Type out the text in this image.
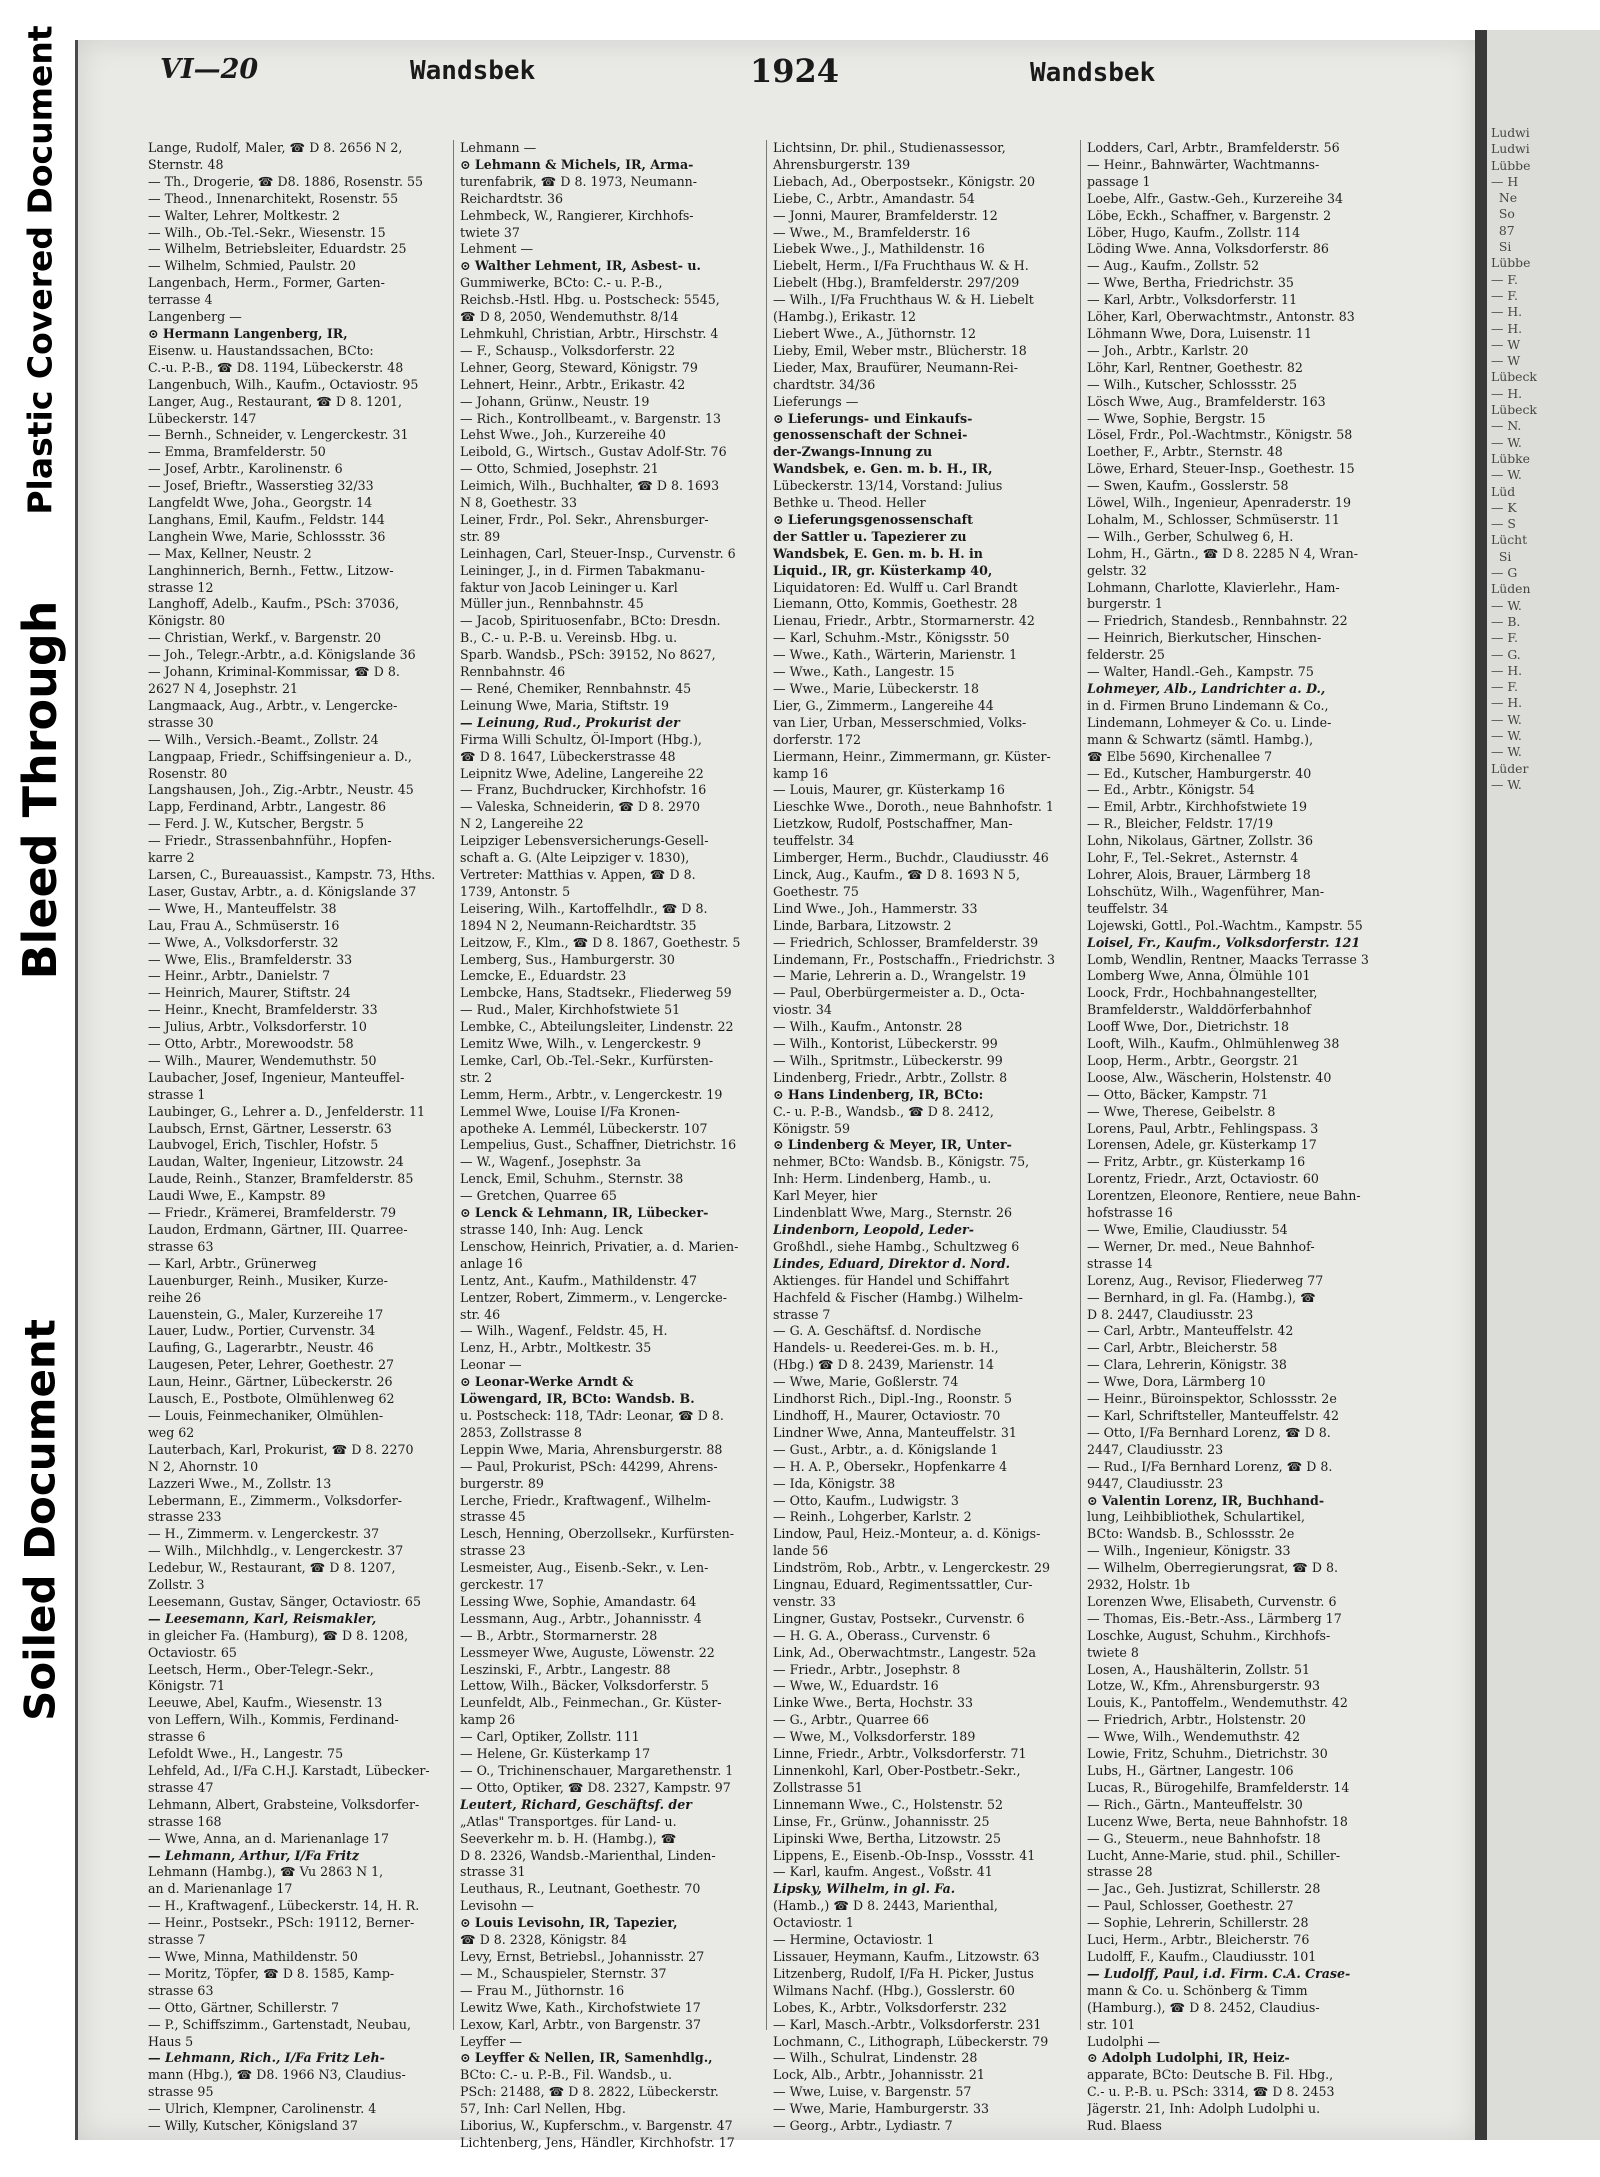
Plastic Covered Document
Bleed Through
Soiled Document
Ludwi
Ludwi
Lübbe
— H
Ne
So
87
Si
Lübbe
— F.
— F.
— H.
— H.
— W
— W
Lübeck
— H.
Lübeck
— N.
— W.
Lübke
— W.
Lüd
— K
— S
Lücht
Si
— G
Lüden
— W.
— B.
— F.
— G.
— H.
— F.
— H.
— W.
— W.
— W.
Lüder
— W.
VI—20	Wandsbek	1924	Wandsbek
Lange, Rudolf, Maler, ☎ D 8. 2656 N 2,
Sternstr. 48
— Th., Drogerie, ☎ D8. 1886, Rosenstr. 55
— Theod., Innenarchitekt, Rosenstr. 55
— Walter, Lehrer, Moltkestr. 2
— Wilh., Ob.-Tel.-Sekr., Wiesenstr. 15
— Wilhelm, Betriebsleiter, Eduardstr. 25
— Wilhelm, Schmied, Paulstr. 20
Langenbach, Herm., Former, Garten-
terrasse 4
Langenberg —
⊙ Hermann Langenberg, IR,
Eisenw. u. Haustandssachen, BCto:
C.-u. P.-B., ☎ D8. 1194, Lübeckerstr. 48
Langenbuch, Wilh., Kaufm., Octaviostr. 95
Langer, Aug., Restaurant, ☎ D 8. 1201,
Lübeckerstr. 147
— Bernh., Schneider, v. Lengerckestr. 31
— Emma, Bramfelderstr. 50
— Josef, Arbtr., Karolinenstr. 6
— Josef, Brieftr., Wasserstieg 32/33
Langfeldt Wwe, Joha., Georgstr. 14
Langhans, Emil, Kaufm., Feldstr. 144
Langhein Wwe, Marie, Schlossstr. 36
— Max, Kellner, Neustr. 2
Langhinnerich, Bernh., Fettw., Litzow-
strasse 12
Langhoff, Adelb., Kaufm., PSch: 37036,
Königstr. 80
— Christian, Werkf., v. Bargenstr. 20
— Joh., Telegr.-Arbtr., a.d. Königslande 36
— Johann, Kriminal-Kommissar, ☎ D 8.
2627 N 4, Josephstr. 21
Langmaack, Aug., Arbtr., v. Lengercke-
strasse 30
— Wilh., Versich.-Beamt., Zollstr. 24
Langpaap, Friedr., Schiffsingenieur a. D.,
Rosenstr. 80
Langshausen, Joh., Zig.-Arbtr., Neustr. 45
Lapp, Ferdinand, Arbtr., Langestr. 86
— Ferd. J. W., Kutscher, Bergstr. 5
— Friedr., Strassenbahnführ., Hopfen-
karre 2
Larsen, C., Bureauassist., Kampstr. 73, Hths.
Laser, Gustav, Arbtr., a. d. Königslande 37
— Wwe, H., Manteuffelstr. 38
Lau, Frau A., Schmüserstr. 16
— Wwe, A., Volksdorferstr. 32
— Wwe, Elis., Bramfelderstr. 33
— Heinr., Arbtr., Danielstr. 7
— Heinrich, Maurer, Stiftstr. 24
— Heinr., Knecht, Bramfelderstr. 33
— Julius, Arbtr., Volksdorferstr. 10
— Otto, Arbtr., Morewoodstr. 58
— Wilh., Maurer, Wendemuthstr. 50
Laubacher, Josef, Ingenieur, Manteuffel-
strasse 1
Laubinger, G., Lehrer a. D., Jenfelderstr. 11
Laubsch, Ernst, Gärtner, Lesserstr. 63
Laubvogel, Erich, Tischler, Hofstr. 5
Laudan, Walter, Ingenieur, Litzowstr. 24
Laude, Reinh., Stanzer, Bramfelderstr. 85
Laudi Wwe, E., Kampstr. 89
— Friedr., Krämerei, Bramfelderstr. 79
Laudon, Erdmann, Gärtner, III. Quarree-
strasse 63
— Karl, Arbtr., Grünerweg
Lauenburger, Reinh., Musiker, Kurze-
reihe 26
Lauenstein, G., Maler, Kurzereihe 17
Lauer, Ludw., Portier, Curvenstr. 34
Laufing, G., Lagerarbtr., Neustr. 46
Laugesen, Peter, Lehrer, Goethestr. 27
Laun, Heinr., Gärtner, Lübeckerstr. 26
Lausch, E., Postbote, Olmühlenweg 62
— Louis, Feinmechaniker, Olmühlen-
weg 62
Lauterbach, Karl, Prokurist, ☎ D 8. 2270
N 2, Ahornstr. 10
Lazzeri Wwe., M., Zollstr. 13
Lebermann, E., Zimmerm., Volksdorfer-
strasse 233
— H., Zimmerm. v. Lengerckestr. 37
— Wilh., Milchhdlg., v. Lengerckestr. 37
Ledebur, W., Restaurant, ☎ D 8. 1207,
Zollstr. 3
Leesemann, Gustav, Sänger, Octaviostr. 65
— Leesemann, Karl, Reismakler,
in gleicher Fa. (Hamburg), ☎ D 8. 1208,
Octaviostr. 65
Leetsch, Herm., Ober-Telegr.-Sekr.,
Königstr. 71
Leeuwe, Abel, Kaufm., Wiesenstr. 13
von Leffern, Wilh., Kommis, Ferdinand-
strasse 6
Lefoldt Wwe., H., Langestr. 75
Lehfeld, Ad., I/Fa C.H.J. Karstadt, Lübecker-
strasse 47
Lehmann, Albert, Grabsteine, Volksdorfer-
strasse 168
— Wwe, Anna, an d. Marienanlage 17
— Lehmann, Arthur, I/Fa Fritz
Lehmann (Hambg.), ☎ Vu 2863 N 1,
an d. Marienanlage 17
— H., Kraftwagenf., Lübeckerstr. 14, H. R.
— Heinr., Postsekr., PSch: 19112, Berner-
strasse 7
— Wwe, Minna, Mathildenstr. 50
— Moritz, Töpfer, ☎ D 8. 1585, Kamp-
strasse 63
— Otto, Gärtner, Schillerstr. 7
— P., Schiffszimm., Gartenstadt, Neubau,
Haus 5
— Lehmann, Rich., I/Fa Fritz Leh-
mann (Hbg.), ☎ D8. 1966 N3, Claudius-
strasse 95
— Ulrich, Klempner, Carolinenstr. 4
— Willy, Kutscher, Königsland 37
Lehmann —
⊙ Lehmann & Michels, IR, Arma-
turenfabrik, ☎ D 8. 1973, Neumann-
Reichardtstr. 36
Lehmbeck, W., Rangierer, Kirchhofs-
twiete 37
Lehment —
⊙ Walther Lehment, IR, Asbest- u.
Gummiwerke, BCto: C.- u. P.-B.,
Reichsb.-Hstl. Hbg. u. Postscheck: 5545,
☎ D 8, 2050, Wendemuthstr. 8/14
Lehmkuhl, Christian, Arbtr., Hirschstr. 4
— F., Schausp., Volksdorferstr. 22
Lehner, Georg, Steward, Königstr. 79
Lehnert, Heinr., Arbtr., Erikastr. 42
— Johann, Grünw., Neustr. 19
— Rich., Kontrollbeamt., v. Bargenstr. 13
Lehst Wwe., Joh., Kurzereihe 40
Leibold, G., Wirtsch., Gustav Adolf-Str. 76
— Otto, Schmied, Josephstr. 21
Leimich, Wilh., Buchhalter, ☎ D 8. 1693
N 8, Goethestr. 33
Leiner, Frdr., Pol. Sekr., Ahrensburger-
str. 89
Leinhagen, Carl, Steuer-Insp., Curvenstr. 6
Leininger, J., in d. Firmen Tabakmanu-
faktur von Jacob Leininger u. Karl
Müller jun., Rennbahnstr. 45
— Jacob, Spirituosenfabr., BCto: Dresdn.
B., C.- u. P.-B. u. Vereinsb. Hbg. u.
Sparb. Wandsb., PSch: 39152, No 8627,
Rennbahnstr. 46
— René, Chemiker, Rennbahnstr. 45
Leinung Wwe, Maria, Stiftstr. 19
— Leinung, Rud., Prokurist der
Firma Willi Schultz, Öl-Import (Hbg.),
☎ D 8. 1647, Lübeckerstrasse 48
Leipnitz Wwe, Adeline, Langereihe 22
— Franz, Buchdrucker, Kirchhofstr. 16
— Valeska, Schneiderin, ☎ D 8. 2970
N 2, Langereihe 22
Leipziger Lebensversicherungs-Gesell-
schaft a. G. (Alte Leipziger v. 1830),
Vertreter: Matthias v. Appen, ☎ D 8.
1739, Antonstr. 5
Leisering, Wilh., Kartoffelhdlr., ☎ D 8.
1894 N 2, Neumann-Reichardtstr. 35
Leitzow, F., Klm., ☎ D 8. 1867, Goethestr. 5
Lemberg, Sus., Hamburgerstr. 30
Lemcke, E., Eduardstr. 23
Lembcke, Hans, Stadtsekr., Fliederweg 59
— Rud., Maler, Kirchhofstwiete 51
Lembke, C., Abteilungsleiter, Lindenstr. 22
Lemitz Wwe, Wilh., v. Lengerckestr. 9
Lemke, Carl, Ob.-Tel.-Sekr., Kurfürsten-
str. 2
Lemm, Herm., Arbtr., v. Lengerckestr. 19
Lemmel Wwe, Louise I/Fa Kronen-
apotheke A. Lemmél, Lübeckerstr. 107
Lempelius, Gust., Schaffner, Dietrichstr. 16
— W., Wagenf., Josephstr. 3a
Lenck, Emil, Schuhm., Sternstr. 38
— Gretchen, Quarree 65
⊙ Lenck & Lehmann, IR, Lübecker-
strasse 140, Inh: Aug. Lenck
Lenschow, Heinrich, Privatier, a. d. Marien-
anlage 16
Lentz, Ant., Kaufm., Mathildenstr. 47
Lentzer, Robert, Zimmerm., v. Lengercke-
str. 46
— Wilh., Wagenf., Feldstr. 45, H.
Lenz, H., Arbtr., Moltkestr. 35
Leonar —
⊙ Leonar-Werke Arndt &
Löwengard, IR, BCto: Wandsb. B.
u. Postscheck: 118, TAdr: Leonar, ☎ D 8.
2853, Zollstrasse 8
Leppin Wwe, Maria, Ahrensburgerstr. 88
— Paul, Prokurist, PSch: 44299, Ahrens-
burgerstr. 89
Lerche, Friedr., Kraftwagenf., Wilhelm-
strasse 45
Lesch, Henning, Oberzollsekr., Kurfürsten-
strasse 23
Lesmeister, Aug., Eisenb.-Sekr., v. Len-
gerckestr. 17
Lessing Wwe, Sophie, Amandastr. 64
Lessmann, Aug., Arbtr., Johannisstr. 4
— B., Arbtr., Stormarnerstr. 28
Lessmeyer Wwe, Auguste, Löwenstr. 22
Leszinski, F., Arbtr., Langestr. 88
Lettow, Wilh., Bäcker, Volksdorferstr. 5
Leunfeldt, Alb., Feinmechan., Gr. Küster-
kamp 26
— Carl, Optiker, Zollstr. 111
— Helene, Gr. Küsterkamp 17
— O., Trichinenschauer, Margarethenstr. 1
— Otto, Optiker, ☎ D8. 2327, Kampstr. 97
Leutert, Richard, Geschäftsf. der
„Atlas" Transportges. für Land- u.
Seeverkehr m. b. H. (Hambg.), ☎
D 8. 2326, Wandsb.-Marienthal, Linden-
strasse 31
Leuthaus, R., Leutnant, Goethestr. 70
Levisohn —
⊙ Louis Levisohn, IR, Tapezier,
☎ D 8. 2328, Königstr. 84
Levy, Ernst, Betriebsl., Johannisstr. 27
— M., Schauspieler, Sternstr. 37
— Frau M., Jüthornstr. 16
Lewitz Wwe, Kath., Kirchofstwiete 17
Lexow, Karl, Arbtr., von Bargenstr. 37
Leyffer —
⊙ Leyffer & Nellen, IR, Samenhdlg.,
BCto: C.- u. P.-B., Fil. Wandsb., u.
PSch: 21488, ☎ D 8. 2822, Lübeckerstr.
57, Inh: Carl Nellen, Hbg.
Liborius, W., Kupferschm., v. Bargenstr. 47
Lichtenberg, Jens, Händler, Kirchhofstr. 17
Lichtsinn, Dr. phil., Studienassessor,
Ahrensburgerstr. 139
Liebach, Ad., Oberpostsekr., Königstr. 20
Liebe, C., Arbtr., Amandastr. 54
— Jonni, Maurer, Bramfelderstr. 12
— Wwe., M., Bramfelderstr. 16
Liebek Wwe., J., Mathildenstr. 16
Liebelt, Herm., I/Fa Fruchthaus W. & H.
Liebelt (Hbg.), Bramfelderstr. 297/209
— Wilh., I/Fa Fruchthaus W. & H. Liebelt
(Hambg.), Erikastr. 12
Liebert Wwe., A., Jüthornstr. 12
Lieby, Emil, Weber mstr., Blücherstr. 18
Lieder, Max, Braufürer, Neumann-Rei-
chardtstr. 34/36
Lieferungs —
⊙ Lieferungs- und Einkaufs-
genossenschaft der Schnei-
der-Zwangs-Innung zu
Wandsbek, e. Gen. m. b. H., IR,
Lübeckerstr. 13/14, Vorstand: Julius
Bethke u. Theod. Heller
⊙ Lieferungsgenossenschaft
der Sattler u. Tapezierer zu
Wandsbek, E. Gen. m. b. H. in
Liquid., IR, gr. Küsterkamp 40,
Liquidatoren: Ed. Wulff u. Carl Brandt
Liemann, Otto, Kommis, Goethestr. 28
Lienau, Friedr., Arbtr., Stormarnerstr. 42
— Karl, Schuhm.-Mstr., Königsstr. 50
— Wwe., Kath., Wärterin, Marienstr. 1
— Wwe., Kath., Langestr. 15
— Wwe., Marie, Lübeckerstr. 18
Lier, G., Zimmerm., Langereihe 44
van Lier, Urban, Messerschmied, Volks-
dorferstr. 172
Liermann, Heinr., Zimmermann, gr. Küster-
kamp 16
— Louis, Maurer, gr. Küsterkamp 16
Lieschke Wwe., Doroth., neue Bahnhofstr. 1
Lietzkow, Rudolf, Postschaffner, Man-
teuffelstr. 34
Limberger, Herm., Buchdr., Claudiusstr. 46
Linck, Aug., Kaufm., ☎ D 8. 1693 N 5,
Goethestr. 75
Lind Wwe., Joh., Hammerstr. 33
Linde, Barbara, Litzowstr. 2
— Friedrich, Schlosser, Bramfelderstr. 39
Lindemann, Fr., Postschaffn., Friedrichstr. 3
— Marie, Lehrerin a. D., Wrangelstr. 19
— Paul, Oberbürgermeister a. D., Octa-
viostr. 34
— Wilh., Kaufm., Antonstr. 28
— Wilh., Kontorist, Lübeckerstr. 99
— Wilh., Spritmstr., Lübeckerstr. 99
Lindenberg, Friedr., Arbtr., Zollstr. 8
⊙ Hans Lindenberg, IR, BCto:
C.- u. P.-B., Wandsb., ☎ D 8. 2412,
Königstr. 59
⊙ Lindenberg & Meyer, IR, Unter-
nehmer, BCto: Wandsb. B., Königstr. 75,
Inh: Herm. Lindenberg, Hamb., u.
Karl Meyer, hier
Lindenblatt Wwe, Marg., Sternstr. 26
Lindenborn, Leopold, Leder-
Großhdl., siehe Hambg., Schultzweg 6
Lindes, Eduard, Direktor d. Nord.
Aktienges. für Handel und Schiffahrt
Hachfeld & Fischer (Hambg.) Wilhelm-
strasse 7
— G. A. Geschäftsf. d. Nordische
Handels- u. Reederei-Ges. m. b. H.,
(Hbg.) ☎ D 8. 2439, Marienstr. 14
— Wwe, Marie, Goßlerstr. 74
Lindhorst Rich., Dipl.-Ing., Roonstr. 5
Lindhoff, H., Maurer, Octaviostr. 70
Lindner Wwe, Anna, Manteuffelstr. 31
— Gust., Arbtr., a. d. Königslande 1
— H. A. P., Obersekr., Hopfenkarre 4
— Ida, Königstr. 38
— Otto, Kaufm., Ludwigstr. 3
— Reinh., Lohgerber, Karlstr. 2
Lindow, Paul, Heiz.-Monteur, a. d. Königs-
lande 56
Lindström, Rob., Arbtr., v. Lengerckestr. 29
Lingnau, Eduard, Regimentssattler, Cur-
venstr. 33
Lingner, Gustav, Postsekr., Curvenstr. 6
— H. G. A., Oberass., Curvenstr. 6
Link, Ad., Oberwachtmstr., Langestr. 52a
— Friedr., Arbtr., Josephstr. 8
— Wwe, W., Eduardstr. 16
Linke Wwe., Berta, Hochstr. 33
— G., Arbtr., Quarree 66
— Wwe, M., Volksdorferstr. 189
Linne, Friedr., Arbtr., Volksdorferstr. 71
Linnenkohl, Karl, Ober-Postbetr.-Sekr.,
Zollstrasse 51
Linnemann Wwe., C., Holstenstr. 52
Linse, Fr., Grünw., Johannisstr. 25
Lipinski Wwe, Bertha, Litzowstr. 25
Lippens, E., Eisenb.-Ob-Insp., Vossstr. 41
— Karl, kaufm. Angest., Voßstr. 41
Lipsky, Wilhelm, in gl. Fa.
(Hamb.,) ☎ D 8. 2443, Marienthal,
Octaviostr. 1
— Hermine, Octaviostr. 1
Lissauer, Heymann, Kaufm., Litzowstr. 63
Litzenberg, Rudolf, I/Fa H. Picker, Justus
Wilmans Nachf. (Hbg.), Gosslerstr. 60
Lobes, K., Arbtr., Volksdorferstr. 232
— Karl, Masch.-Arbtr., Volksdorferstr. 231
Lochmann, C., Lithograph, Lübeckerstr. 79
— Wilh., Schulrat, Lindenstr. 28
Lock, Alb., Arbtr., Johannisstr. 21
— Wwe, Luise, v. Bargenstr. 57
— Wwe, Marie, Hamburgerstr. 33
— Georg., Arbtr., Lydiastr. 7
Lodders, Carl, Arbtr., Bramfelderstr. 56
— Heinr., Bahnwärter, Wachtmanns-
passage 1
Loebe, Alfr., Gastw.-Geh., Kurzereihe 34
Löbe, Eckh., Schaffner, v. Bargenstr. 2
Löber, Hugo, Kaufm., Zollstr. 114
Löding Wwe. Anna, Volksdorferstr. 86
— Aug., Kaufm., Zollstr. 52
— Wwe, Bertha, Friedrichstr. 35
— Karl, Arbtr., Volksdorferstr. 11
Löher, Karl, Oberwachtmstr., Antonstr. 83
Löhmann Wwe, Dora, Luisenstr. 11
— Joh., Arbtr., Karlstr. 20
Löhr, Karl, Rentner, Goethestr. 82
— Wilh., Kutscher, Schlossstr. 25
Lösch Wwe, Aug., Bramfelderstr. 163
— Wwe, Sophie, Bergstr. 15
Lösel, Frdr., Pol.-Wachtmstr., Königstr. 58
Loether, F., Arbtr., Sternstr. 48
Löwe, Erhard, Steuer-Insp., Goethestr. 15
— Swen, Kaufm., Gosslerstr. 58
Löwel, Wilh., Ingenieur, Apenraderstr. 19
Lohalm, M., Schlosser, Schmüserstr. 11
— Wilh., Gerber, Schulweg 6, H.
Lohm, H., Gärtn., ☎ D 8. 2285 N 4, Wran-
gelstr. 32
Lohmann, Charlotte, Klavierlehr., Ham-
burgerstr. 1
— Friedrich, Standesb., Rennbahnstr. 22
— Heinrich, Bierkutscher, Hinschen-
felderstr. 25
— Walter, Handl.-Geh., Kampstr. 75
Lohmeyer, Alb., Landrichter a. D.,
in d. Firmen Bruno Lindemann & Co.,
Lindemann, Lohmeyer & Co. u. Linde-
mann & Schwartz (sämtl. Hambg.),
☎ Elbe 5690, Kirchenallee 7
— Ed., Kutscher, Hamburgerstr. 40
— Ed., Arbtr., Königstr. 54
— Emil, Arbtr., Kirchhofstwiete 19
— R., Bleicher, Feldstr. 17/19
Lohn, Nikolaus, Gärtner, Zollstr. 36
Lohr, F., Tel.-Sekret., Asternstr. 4
Lohrer, Alois, Brauer, Lärmberg 18
Lohschütz, Wilh., Wagenführer, Man-
teuffelstr. 34
Lojewski, Gottl., Pol.-Wachtm., Kampstr. 55
Loisel, Fr., Kaufm., Volksdorferstr. 121
Lomb, Wendlin, Rentner, Maacks Terrasse 3
Lomberg Wwe, Anna, Ölmühle 101
Loock, Frdr., Hochbahnangestellter,
Bramfelderstr., Walddörferbahnhof
Looff Wwe, Dor., Dietrichstr. 18
Looft, Wilh., Kaufm., Ohlmühlenweg 38
Loop, Herm., Arbtr., Georgstr. 21
Loose, Alw., Wäscherin, Holstenstr. 40
— Otto, Bäcker, Kampstr. 71
— Wwe, Therese, Geibelstr. 8
Lorens, Paul, Arbtr., Fehlingspass. 3
Lorensen, Adele, gr. Küsterkamp 17
— Fritz, Arbtr., gr. Küsterkamp 16
Lorentz, Friedr., Arzt, Octaviostr. 60
Lorentzen, Eleonore, Rentiere, neue Bahn-
hofstrasse 16
— Wwe, Emilie, Claudiusstr. 54
— Werner, Dr. med., Neue Bahnhof-
strasse 14
Lorenz, Aug., Revisor, Fliederweg 77
— Bernhard, in gl. Fa. (Hambg.), ☎
D 8. 2447, Claudiusstr. 23
— Carl, Arbtr., Manteuffelstr. 42
— Carl, Arbtr., Bleicherstr. 58
— Clara, Lehrerin, Königstr. 38
— Wwe, Dora, Lärmberg 10
— Heinr., Büroinspektor, Schlossstr. 2e
— Karl, Schriftsteller, Manteuffelstr. 42
— Otto, I/Fa Bernhard Lorenz, ☎ D 8.
2447, Claudiusstr. 23
— Rud., I/Fa Bernhard Lorenz, ☎ D 8.
9447, Claudiusstr. 23
⊙ Valentin Lorenz, IR, Buchhand-
lung, Leihbibliothek, Schulartikel,
BCto: Wandsb. B., Schlossstr. 2e
— Wilh., Ingenieur, Königstr. 33
— Wilhelm, Oberregierungsrat, ☎ D 8.
2932, Holstr. 1b
Lorenzen Wwe, Elisabeth, Curvenstr. 6
— Thomas, Eis.-Betr.-Ass., Lärmberg 17
Loschke, August, Schuhm., Kirchhofs-
twiete 8
Losen, A., Haushälterin, Zollstr. 51
Lotze, W., Kfm., Ahrensburgerstr. 93
Louis, K., Pantoffelm., Wendemuthstr. 42
— Friedrich, Arbtr., Holstenstr. 20
— Wwe, Wilh., Wendemuthstr. 42
Lowie, Fritz, Schuhm., Dietrichstr. 30
Lubs, H., Gärtner, Langestr. 106
Lucas, R., Bürogehilfe, Bramfelderstr. 14
— Rich., Gärtn., Manteuffelstr. 30
Lucenz Wwe, Berta, neue Bahnhofstr. 18
— G., Steuerm., neue Bahnhofstr. 18
Lucht, Anne-Marie, stud. phil., Schiller-
strasse 28
— Jac., Geh. Justizrat, Schillerstr. 28
— Paul, Schlosser, Goethestr. 27
— Sophie, Lehrerin, Schillerstr. 28
Luci, Herm., Arbtr., Bleicherstr. 76
Ludolff, F., Kaufm., Claudiusstr. 101
— Ludolff, Paul, i.d. Firm. C.A. Crase-
mann & Co. u. Schönberg & Timm
(Hamburg.), ☎ D 8. 2452, Claudius-
str. 101
Ludolphi —
⊙ Adolph Ludolphi, IR, Heiz-
apparate, BCto: Deutsche B. Fil. Hbg.,
C.- u. P.-B. u. PSch: 3314, ☎ D 8. 2453
Jägerstr. 21, Inh: Adolph Ludolphi u.
Rud. Blaess
